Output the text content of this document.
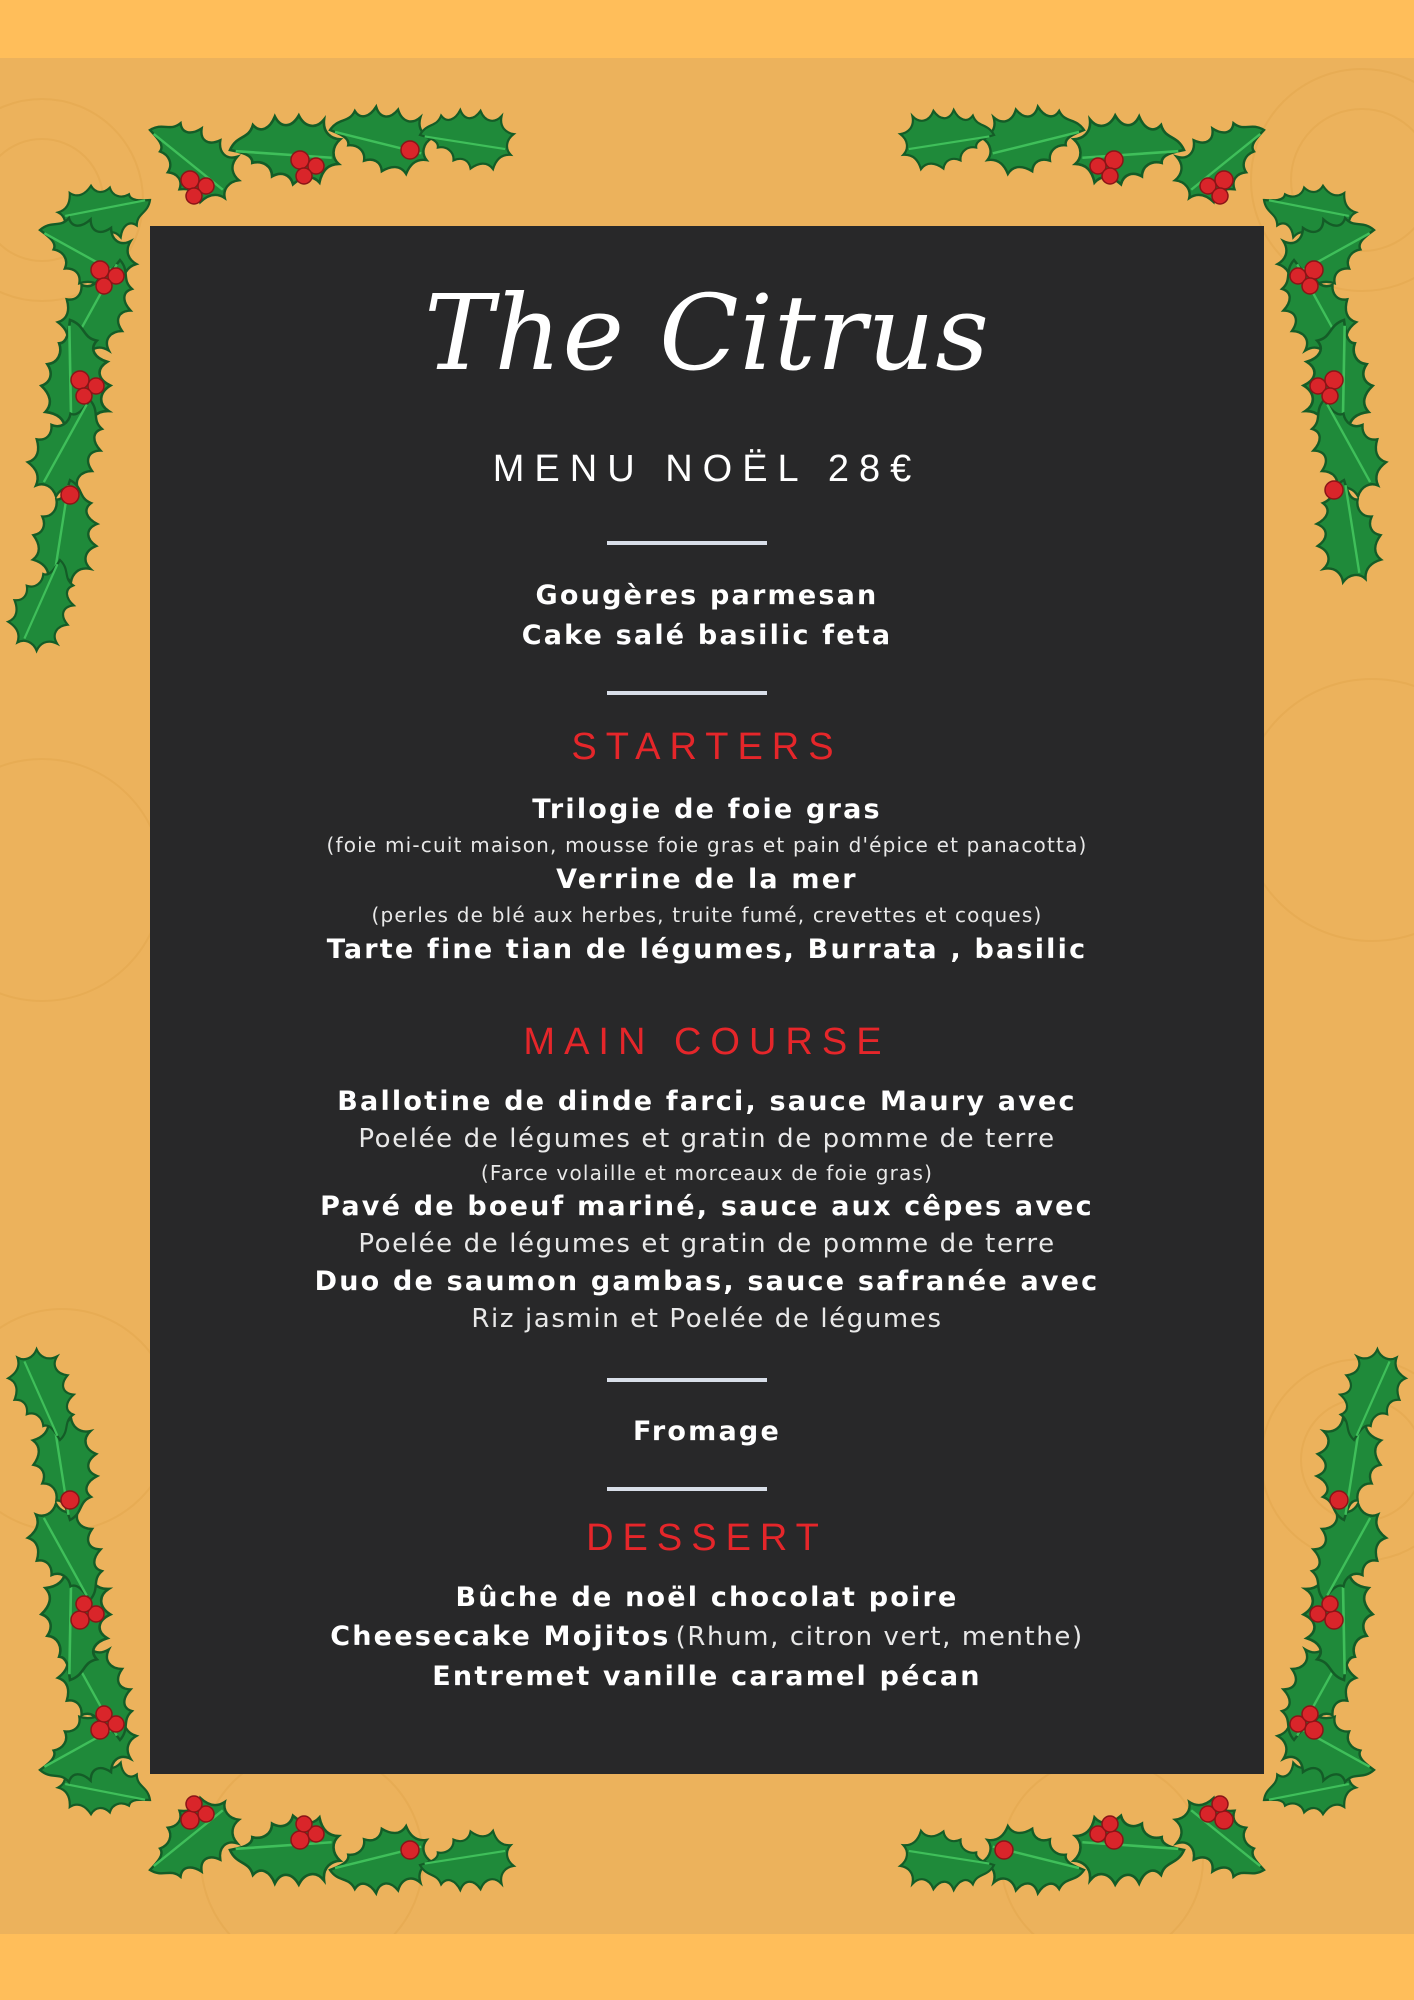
The Citrus
MENU NOËL 28€
Gougères parmesan
Cake salé basilic feta
STARTERS
Trilogie de foie gras
(foie mi-cuit maison, mousse foie gras et pain d'épice et panacotta)
Verrine de la mer
(perles de blé aux herbes, truite fumé, crevettes et coques)
Tarte fine tian de légumes, Burrata , basilic
MAIN COURSE
Ballotine de dinde farci, sauce Maury avec
Poelée de légumes et gratin de pomme de terre
(Farce volaille et morceaux de foie gras)
Pavé de boeuf mariné, sauce aux cêpes avec
Poelée de légumes et gratin de pomme de terre
Duo de saumon gambas, sauce safranée avec
Riz jasmin et Poelée de légumes
Fromage
DESSERT
Bûche de noël chocolat poire
Cheesecake Mojitos (Rhum, citron vert, menthe)
Entremet vanille caramel pécan
